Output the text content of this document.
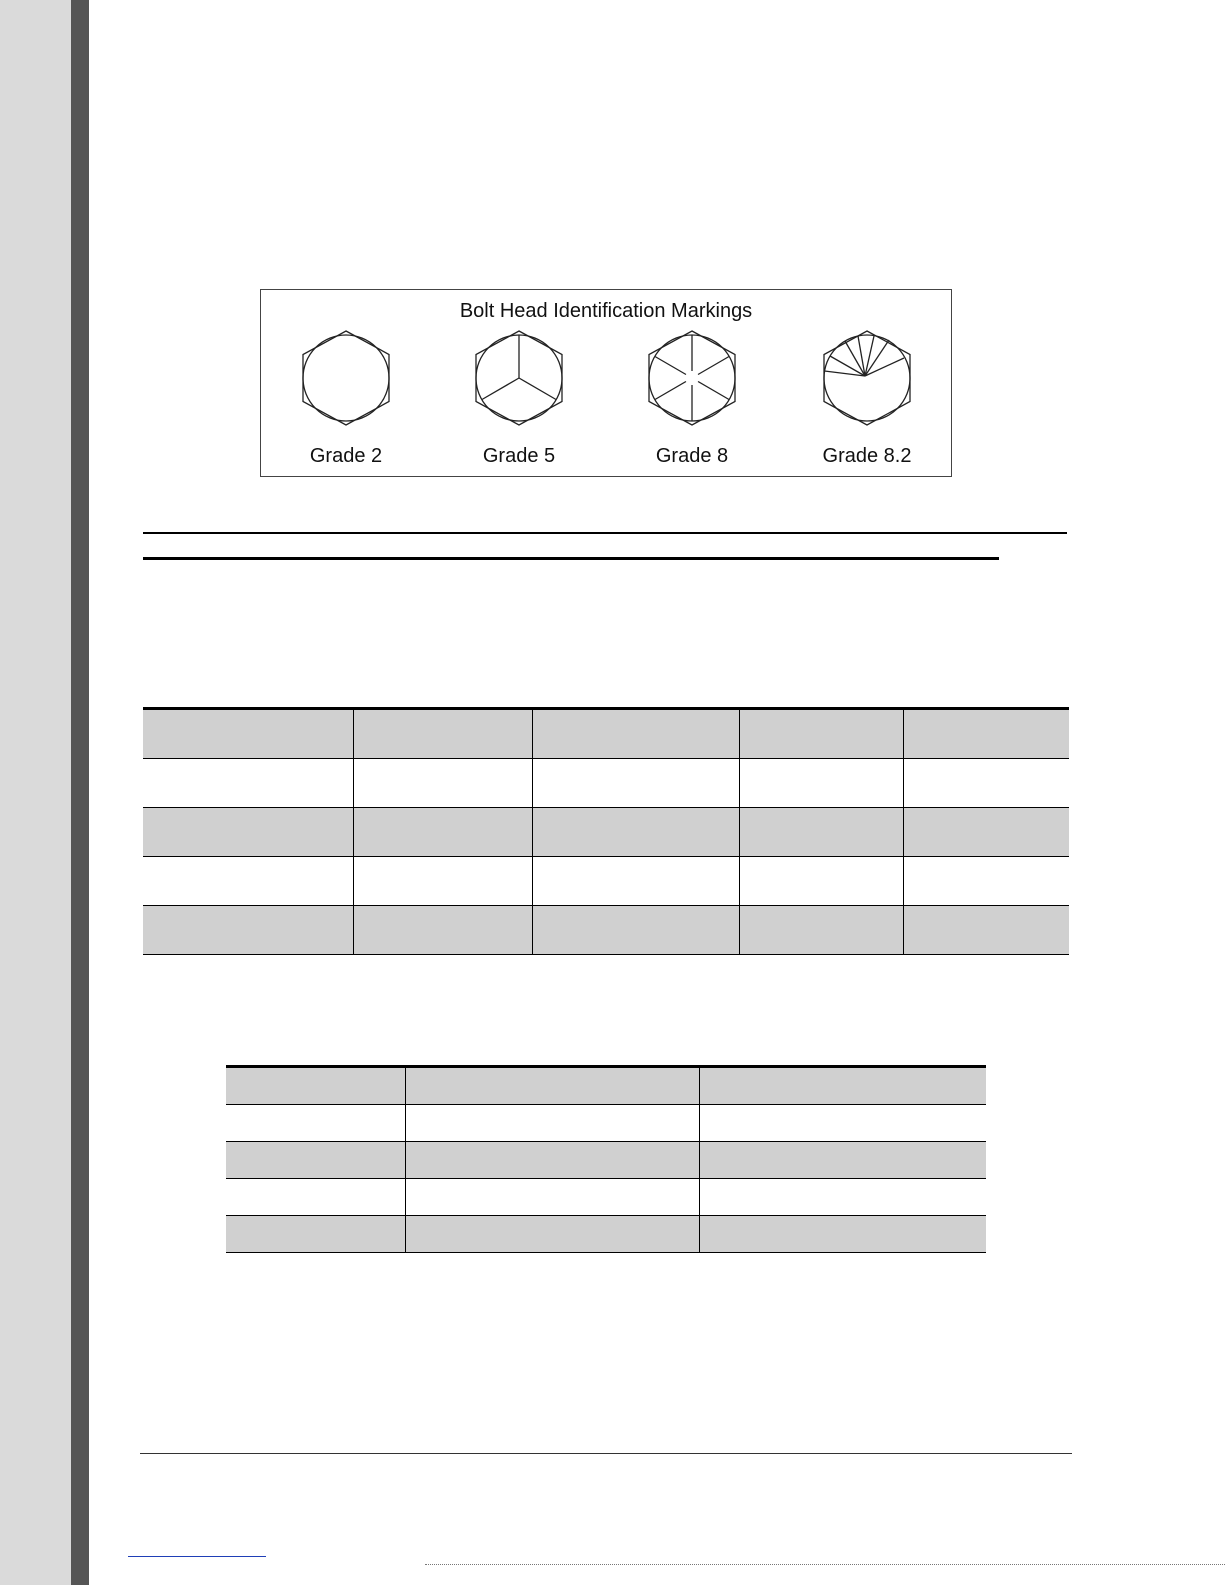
Bolt Head Identification Markings
Grade 2	Grade 5	Grade 8	Grade 8.2
